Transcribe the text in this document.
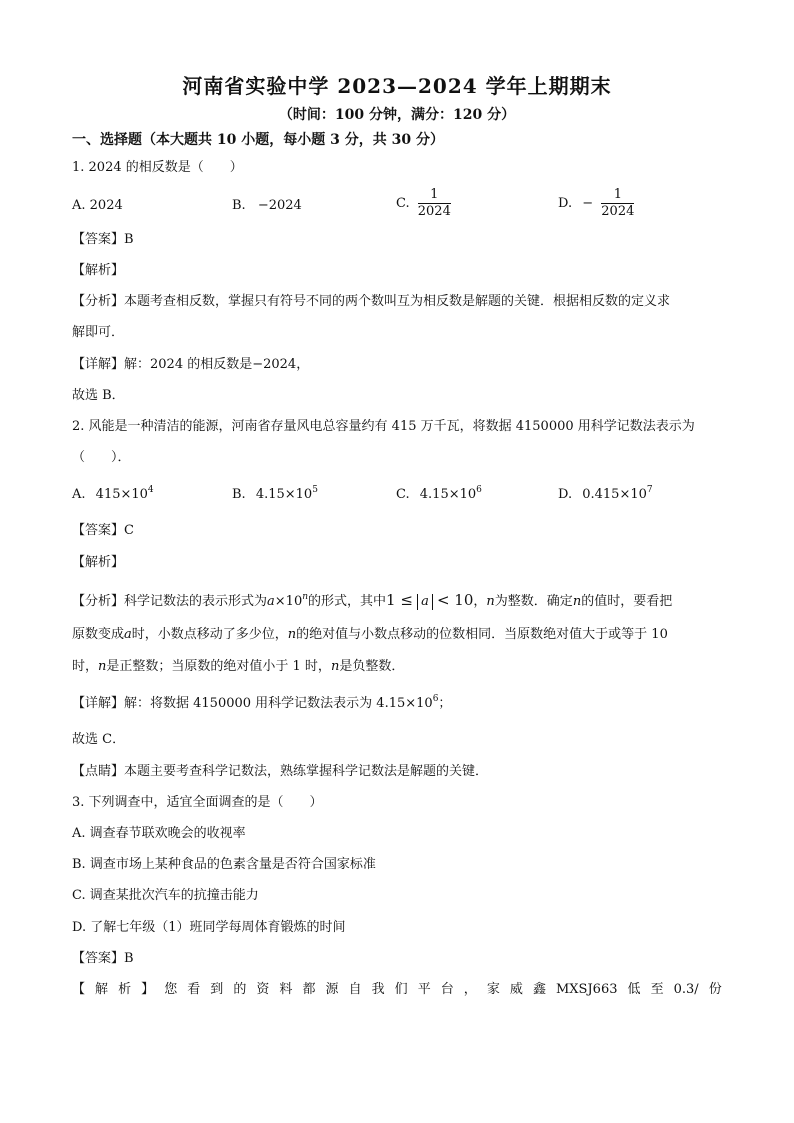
河南省实验中学 2023—2024 学年上期期末
（时间：100 分钟，满分：120 分）
一、选择题（本大题共 10 小题，每小题 3 分，共 30 分）
1. 2024 的相反数是（　　）
A. 2024	B. −2024	C. $\frac{1}{2024}$	D. − $\frac{1}{2024}$
【答案】B
【解析】
【分析】本题考查相反数，掌握只有符号不同的两个数叫互为相反数是解题的关键．根据相反数的定义求
解即可．
【详解】解：2024 的相反数是−2024，
故选 B．
2. 风能是一种清洁的能源，河南省存量风电总容量约有 415 万千瓦，将数据 4150000 用科学记数法表示为
（　　）．
A. $415\times 10^4$	B. $4.15\times 10^5$	C. $4.15\times 10^6$	D. $0.415\times 10^7$
【答案】C
【解析】
【分析】科学记数法的表示形式为$a\times 10^n$的形式，其中1 ≤ a < 10，n为整数．确定n的值时，要看把
原数变成a时，小数点移动了多少位，n的绝对值与小数点移动的位数相同．当原数绝对值大于或等于 10
时，n是正整数；当原数的绝对值小于 1 时，n是负整数．
【详解】解：将数据 4150000 用科学记数法表示为 $4.15\times 10^6$；
故选 C．
【点睛】本题主要考查科学记数法，熟练掌握科学记数法是解题的关键．
3. 下列调查中，适宜全面调查的是（　　）
A. 调查春节联欢晚会的收视率
B. 调查市场上某种食品的色素含量是否符合国家标准
C. 调查某批次汽车的抗撞击能力
D. 了解七年级（1）班同学每周体育锻炼的时间
【答案】B
【 解 析 】 您 看 到 的 资 料 都 源 自 我 们 平 台 ， 家 威 鑫 MXSJ663 低 至 0.3/ 份
